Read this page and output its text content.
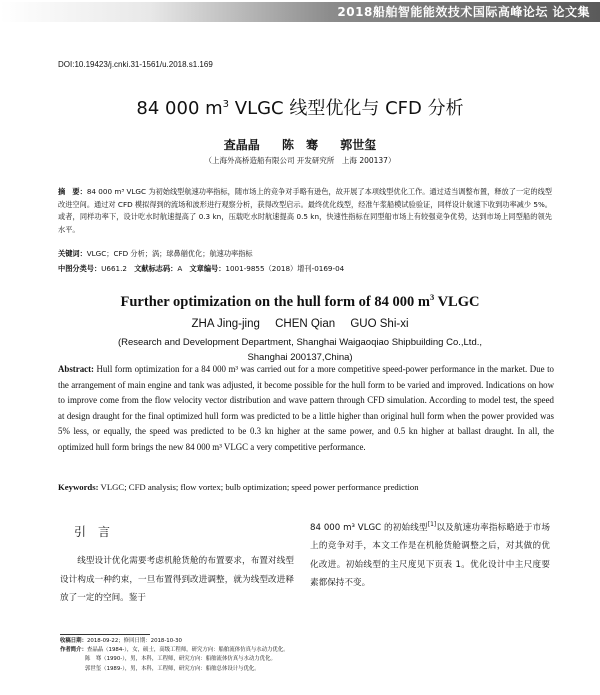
2018船舶智能能效技术国际高峰论坛 论文集
DOI:10.19423/j.cnki.31-1561/u.2018.s1.169
84 000 $m^3$ VLGC 线型优化与 CFD 分析
查晶晶 陈　骞 郭世玺
（上海外高桥造船有限公司 开发研究所　上海 200137）
摘　要：84 000 m³ VLGC 为初始线型航速功率指标，随市场上的竞争对手略有逊色，故开展了本项线型优化工作。通过适当调整布置，释放了一定的线型改进空间。通过对 CFD 模拟得到的流场和波形进行观察分析，获得改型启示。最终优化线型，经准午浆船模试验验证，同样设计航速下收到功率减少 5%。或者，同样功率下，设计吃水时航速提高了 0.3 kn，压载吃水时航速提高 0.5 kn，快速性指标在同型船市场上有较强竞争优势，达到市场上同型船的领先水平。
关键词：VLGC；CFD 分析；涡；球鼻艏优化；航速功率指标
中图分类号：U661.2　 文献标志码：A　 文章编号：1001-9855（2018）增刊-0169-04
Further optimization on the hull form of 84 000 $m^3$ VLGC
ZHA Jing-jing CHEN Qian GUO Shi-xi
(Research and Development Department, Shanghai Waigaoqiao Shipbuilding Co.,Ltd.,
Shanghai 200137,China)
Abstract: Hull form optimization for a 84 000 m³ was carried out for a more competitive speed-power performance in the market. Due to the arrangement of main engine and tank was adjusted, it become possible for the hull form to be varied and improved. Indications on how to improve come from the flow velocity vector distribution and wave pattern through CFD simulation. According to model test, the speed at design draught for the final optimized hull form was predicted to be a little higher than original hull form when the power provided was 5% less, or equally, the speed was predicted to be 0.3 kn higher at the same power, and 0.5 kn higher at ballast draught. In all, the optimized hull form brings the new 84 000 m³ VLGC a very competitive performance.
Keywords: VLGC; CFD analysis; flow vortex; bulb optimization; speed power performance prediction
引言
线型设计优化需要考虑机舱货舱的布置要求，布置对线型设计构成一种约束，一旦布置得到改进调整，就为线型改进释放了一定的空间。鉴于
84 000 m³ VLGC 的初始线型[1]以及航速功率指标略逊于市场上的竞争对手，本文工作是在机舱货舱调整之后，对其做的优化改进。初始线型的主尺度见下页表 1。优化设计中主尺度要素都保持不变。
收稿日期：2018-09-22；修回日期：2018-10-30
作者简介：查晶晶（1984-），女，硕士，高级工程师，研究方向：船舶流体仿真与水动力优化。
陈　骞（1990-），男，本科，工程师，研究方向：船舶流体仿真与水动力优化。
郭世玺（1989-），男，本科，工程师，研究方向：船舶总体设计与优化。
